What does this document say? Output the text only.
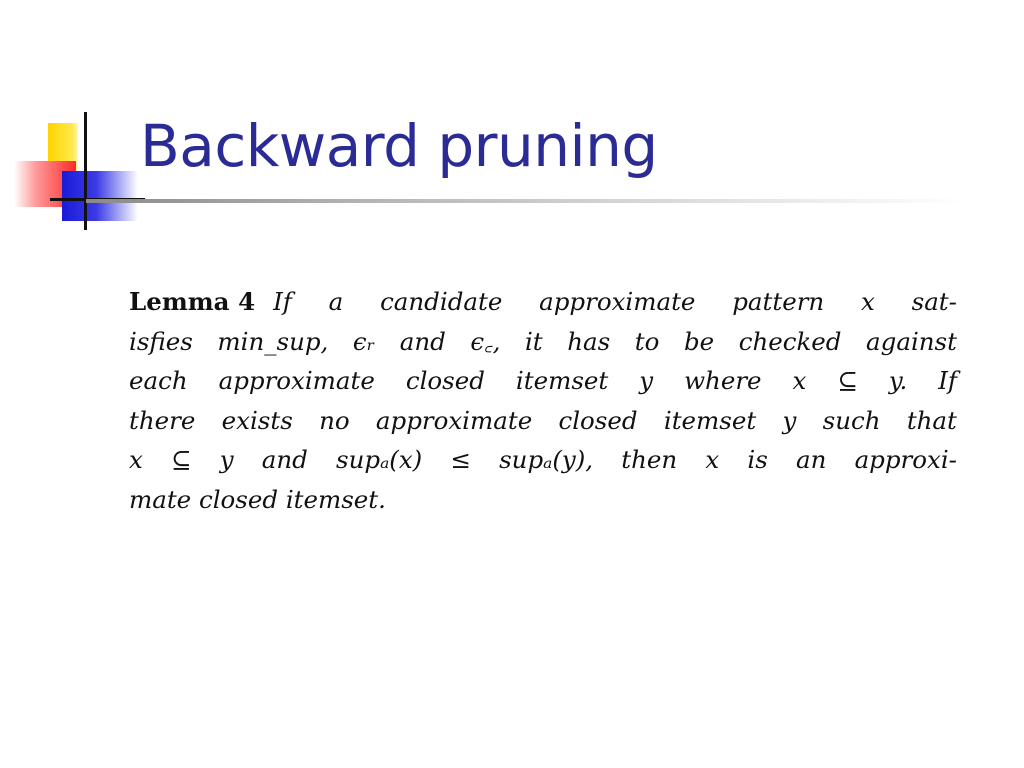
Backward pruning
Lemma 4 If a candidate approximate pattern x sat-
isfies min_sup, ϵᵣ and ϵ꜀, it has to be checked against
each approximate closed itemset y where x ⊆ y. If
there exists no approximate closed itemset y such that
x ⊆ y and supₐ(x) ≤ supₐ(y), then x is an approxi-
mate closed itemset.
